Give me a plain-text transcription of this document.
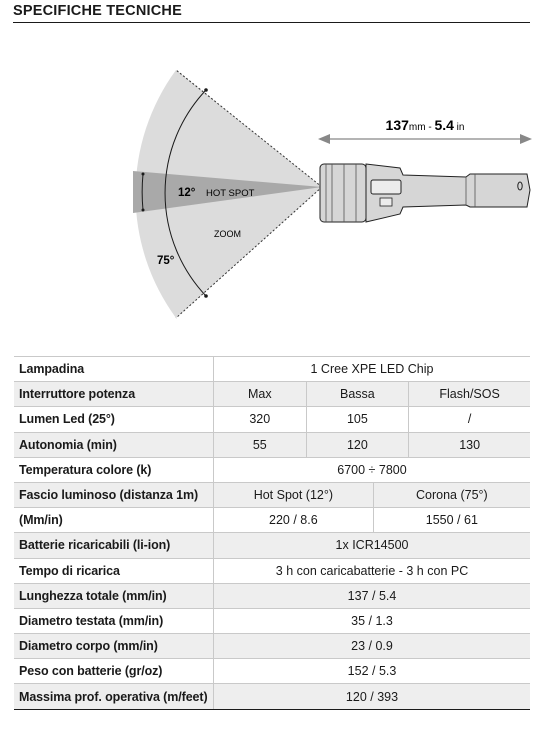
SPECIFICHE TECNICHE
137mm - 5.4 in
12° HOT SPOT
ZOOM
75°
Lampadina	1 Cree XPE LED Chip			
Interruttore potenza	Max	Bassa		Flash/SOS
Lumen Led (25°)	320	105		/
Autonomia (min)	55	120		130
Temperatura colore (k)	6700 ÷ 7800			
Fascio luminoso (distanza 1m)	Hot Spot (12°)		Corona (75°)	
(Mm/in)	220 / 8.6		1550 / 61	
Batterie ricaricabili (li-ion)	1x ICR14500			
Tempo di ricarica	3 h con caricabatterie - 3 h con PC			
Lunghezza totale (mm/in)	137 / 5.4			
Diametro testata (mm/in)	35 / 1.3			
Diametro corpo (mm/in)	23 / 0.9			
Peso con batterie (gr/oz)	152 / 5.3			
Massima prof. operativa (m/feet)	120 / 393			
